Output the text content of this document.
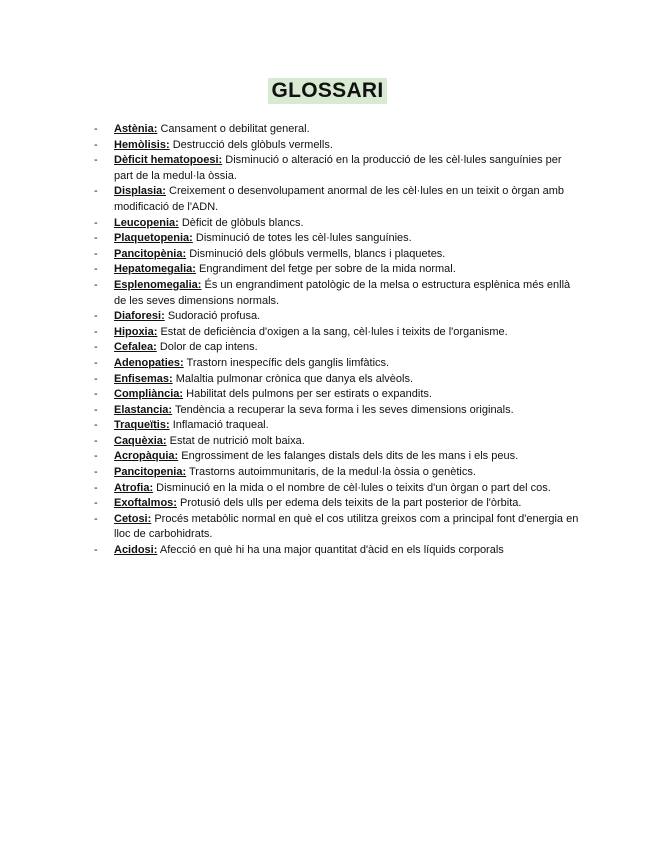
GLOSSARI
- Astènia: Cansament o debilitat general.
- Hemòlisis: Destrucció dels glòbuls vermells.
- Dèficit hematopoesi: Disminució o alteració en la producció de les cèl·lules sanguínies per part de la medul·la òssia.
- Displasia: Creixement o desenvolupament anormal de les cèl·lules en un teixit o òrgan amb modificació de l'ADN.
- Leucopenia: Dèficit de glòbuls blancs.
- Plaquetopenia: Disminució de totes les cèl·lules sanguínies.
- Pancitopènia: Disminució dels glóbuls vermells, blancs i plaquetes.
- Hepatomegalia: Engrandiment del fetge per sobre de la mida normal.
- Esplenomegalia: És un engrandiment patològic de la melsa o estructura esplènica més enllà de les seves dimensions normals.
- Diaforesi: Sudoració profusa.
- Hipoxia: Estat de deficiència d'oxigen a la sang, cèl·lules i teixits de l'organisme.
- Cefalea: Dolor de cap intens.
- Adenopaties: Trastorn inespecífic dels ganglis limfàtics.
- Enfisemas: Malaltia pulmonar crònica que danya els alvèols.
- Compliància: Habilitat dels pulmons per ser estirats o expandits.
- Elastancia: Tendència a recuperar la seva forma i les seves dimensions originals.
- Traqueïtis: Inflamació traqueal.
- Caquèxia: Estat de nutrició molt baixa.
- Acropàquia: Engrossiment de les falanges distals dels dits de les mans i els peus.
- Pancitopenia: Trastorns autoimmunitaris, de la medul·la òssia o genètics.
- Atrofia: Disminució en la mida o el nombre de cèl·lules o teixits d'un òrgan o part del cos.
- Exoftalmos: Protusió dels ulls per edema dels teixits de la part posterior de l'òrbita.
- Cetosi: Procés metabòlic normal en què el cos utilitza greixos com a principal font d'energia en lloc de carbohidrats.
- Acidosi: Afecció en què hi ha una major quantitat d'àcid en els líquids corporals
